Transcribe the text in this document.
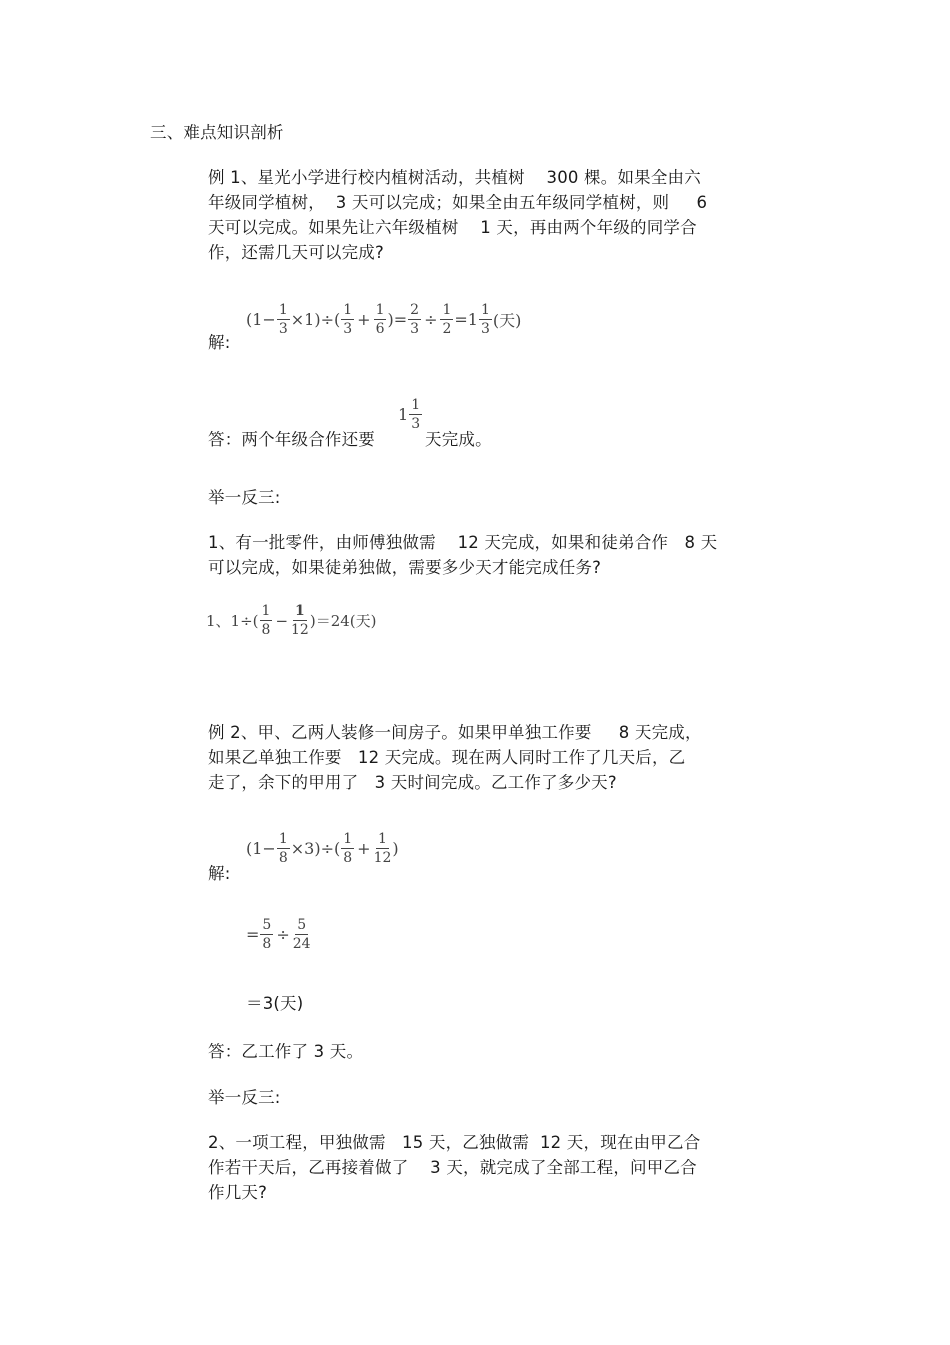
三、难点知识剖析
例 1、星光小学进行校内植树活动，共植树    300 棵。如果全由六
年级同学植树，  3 天可以完成；如果全由五年级同学植树，则     6
天可以完成。如果先让六年级植树    1 天，再由两个年级的同学合
作，还需几天可以完成?
解:
$(1- \frac{1}{3} \times 1)\div( \frac{1}{3} + \frac{1}{6}$ )= $\frac{2}{3} \div \frac{1}{2} =1 \frac{1}{3}$ (天)
答：两个年级合作还要
$1 \frac{1}{3}$
天完成。
举一反三:
1、有一批零件，由师傅独做需    12 天完成，如果和徒弟合作   8 天
可以完成，如果徒弟独做，需要多少天才能完成任务?
1、$1\div( \frac{1}{8} - \frac{1}{12} )=24$(天)
例 2、甲、乙两人装修一间房子。如果甲单独工作要     8 天完成，
如果乙单独工作要   12 天完成。现在两人同时工作了几天后，乙
走了，余下的甲用了   3 天时间完成。乙工作了多少天?
解:
$(1- \frac{1}{8} \times 3)\div( \frac{1}{8} + \frac{1}{12}$ )
= $\frac{5}{8} \div \frac{5}{24}$
＝3(天)
答：乙工作了 3 天。
举一反三:
2、一项工程，甲独做需   15 天，乙独做需  12 天，现在由甲乙合
作若干天后，乙再接着做了    3 天，就完成了全部工程，问甲乙合
作几天?
